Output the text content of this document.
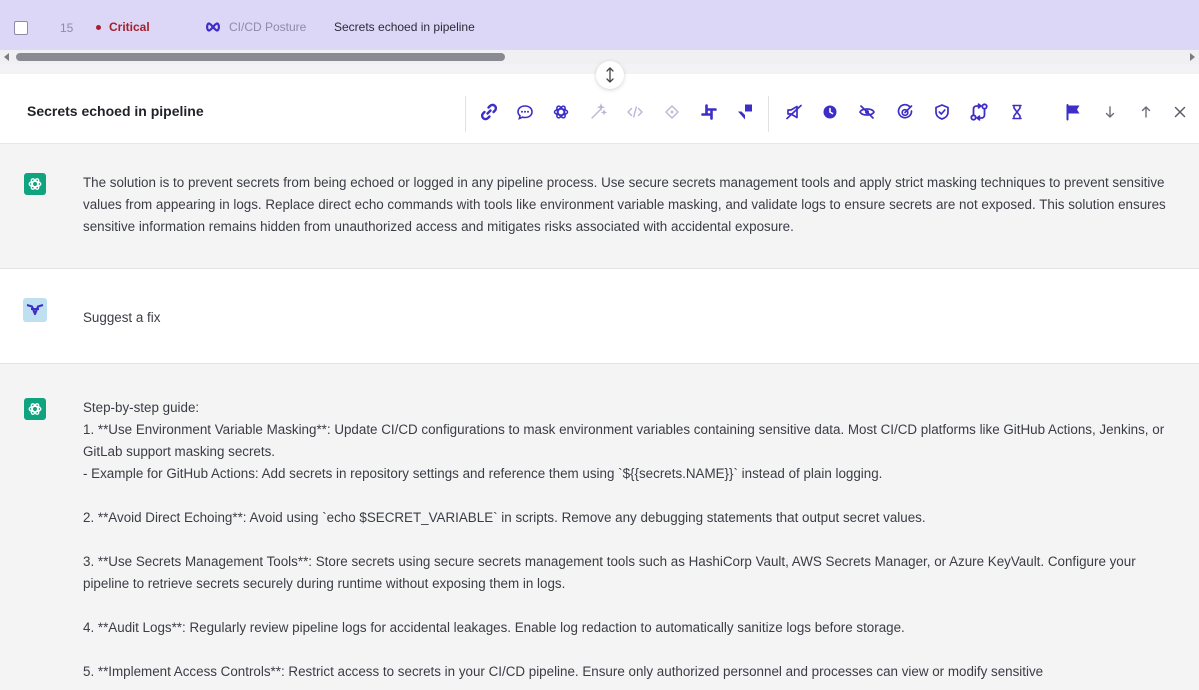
15	Critical	CI/CD Posture Secrets echoed in pipeline
Secrets echoed in pipeline
The solution is to prevent secrets from being echoed or logged in any pipeline process. Use secure secrets management tools and apply strict masking techniques to prevent sensitive values from appearing in logs. Replace direct echo commands with tools like environment variable masking, and validate logs to ensure secrets are not exposed. This solution ensures sensitive information remains hidden from unauthorized access and mitigates risks associated with accidental exposure.
Suggest a fix
Step-by-step guide:
1. **Use Environment Variable Masking**: Update CI/CD configurations to mask environment variables containing sensitive data. Most CI/CD platforms like GitHub Actions, Jenkins, or GitLab support masking secrets.
- Example for GitHub Actions: Add secrets in repository settings and reference them using `${{secrets.NAME}}` instead of plain logging.

2. **Avoid Direct Echoing**: Avoid using `echo $SECRET_VARIABLE` in scripts. Remove any debugging statements that output secret values.

3. **Use Secrets Management Tools**: Store secrets using secure secrets management tools such as HashiCorp Vault, AWS Secrets Manager, or Azure KeyVault. Configure your pipeline to retrieve secrets securely during runtime without exposing them in logs.

4. **Audit Logs**: Regularly review pipeline logs for accidental leakages. Enable log redaction to automatically sanitize logs before storage.

5. **Implement Access Controls**: Restrict access to secrets in your CI/CD pipeline. Ensure only authorized personnel and processes can view or modify sensitive
